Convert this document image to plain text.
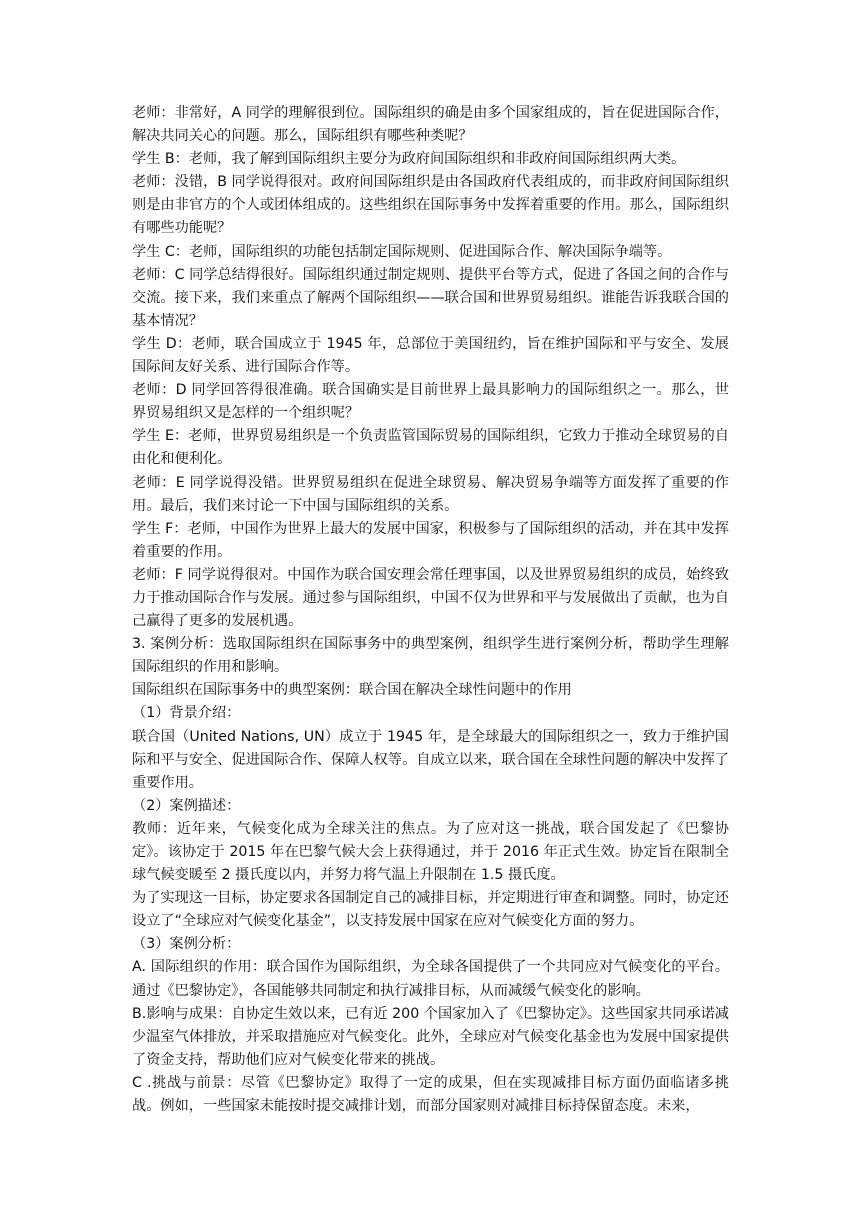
老师：非常好，A 同学的理解很到位。国际组织的确是由多个国家组成的，旨在促进国际合作，解决共同关心的问题。那么，国际组织有哪些种类呢？

学生 B：老师，我了解到国际组织主要分为政府间国际组织和非政府间国际组织两大类。

老师：没错，B 同学说得很对。政府间国际组织是由各国政府代表组成的，而非政府间国际组织则是由非官方的个人或团体组成的。这些组织在国际事务中发挥着重要的作用。那么，国际组织有哪些功能呢？

学生 C：老师，国际组织的功能包括制定国际规则、促进国际合作、解决国际争端等。

老师：C 同学总结得很好。国际组织通过制定规则、提供平台等方式，促进了各国之间的合作与交流。接下来，我们来重点了解两个国际组织——联合国和世界贸易组织。谁能告诉我联合国的基本情况？

学生 D：老师，联合国成立于 1945 年，总部位于美国纽约，旨在维护国际和平与安全、发展国际间友好关系、进行国际合作等。

老师：D 同学回答得很准确。联合国确实是目前世界上最具影响力的国际组织之一。那么，世界贸易组织又是怎样的一个组织呢？

学生 E：老师，世界贸易组织是一个负责监管国际贸易的国际组织，它致力于推动全球贸易的自由化和便利化。

老师：E 同学说得没错。世界贸易组织在促进全球贸易、解决贸易争端等方面发挥了重要的作用。最后，我们来讨论一下中国与国际组织的关系。

学生 F：老师，中国作为世界上最大的发展中国家，积极参与了国际组织的活动，并在其中发挥着重要的作用。

老师：F 同学说得很对。中国作为联合国安理会常任理事国，以及世界贸易组织的成员，始终致力于推动国际合作与发展。通过参与国际组织，中国不仅为世界和平与发展做出了贡献，也为自己赢得了更多的发展机遇。

3. 案例分析：选取国际组织在国际事务中的典型案例，组织学生进行案例分析，帮助学生理解国际组织的作用和影响。

国际组织在国际事务中的典型案例：联合国在解决全球性问题中的作用

（1）背景介绍：

联合国（United Nations, UN）成立于 1945 年，是全球最大的国际组织之一，致力于维护国际和平与安全、促进国际合作、保障人权等。自成立以来，联合国在全球性问题的解决中发挥了重要作用。

（2）案例描述：

教师：近年来，气候变化成为全球关注的焦点。为了应对这一挑战，联合国发起了《巴黎协定》。该协定于 2015 年在巴黎气候大会上获得通过，并于 2016 年正式生效。协定旨在限制全球气候变暖至 2 摄氏度以内，并努力将气温上升限制在 1.5 摄氏度。

为了实现这一目标，协定要求各国制定自己的减排目标，并定期进行审查和调整。同时，协定还设立了“全球应对气候变化基金”，以支持发展中国家在应对气候变化方面的努力。

（3）案例分析：

A. 国际组织的作用：联合国作为国际组织，为全球各国提供了一个共同应对气候变化的平台。通过《巴黎协定》，各国能够共同制定和执行减排目标，从而减缓气候变化的影响。

B.影响与成果：自协定生效以来，已有近 200 个国家加入了《巴黎协定》。这些国家共同承诺减少温室气体排放，并采取措施应对气候变化。此外，全球应对气候变化基金也为发展中国家提供了资金支持，帮助他们应对气候变化带来的挑战。

C .挑战与前景：尽管《巴黎协定》取得了一定的成果，但在实现减排目标方面仍面临诸多挑战。例如，一些国家未能按时提交减排计划，而部分国家则对减排目标持保留态度。未来，
